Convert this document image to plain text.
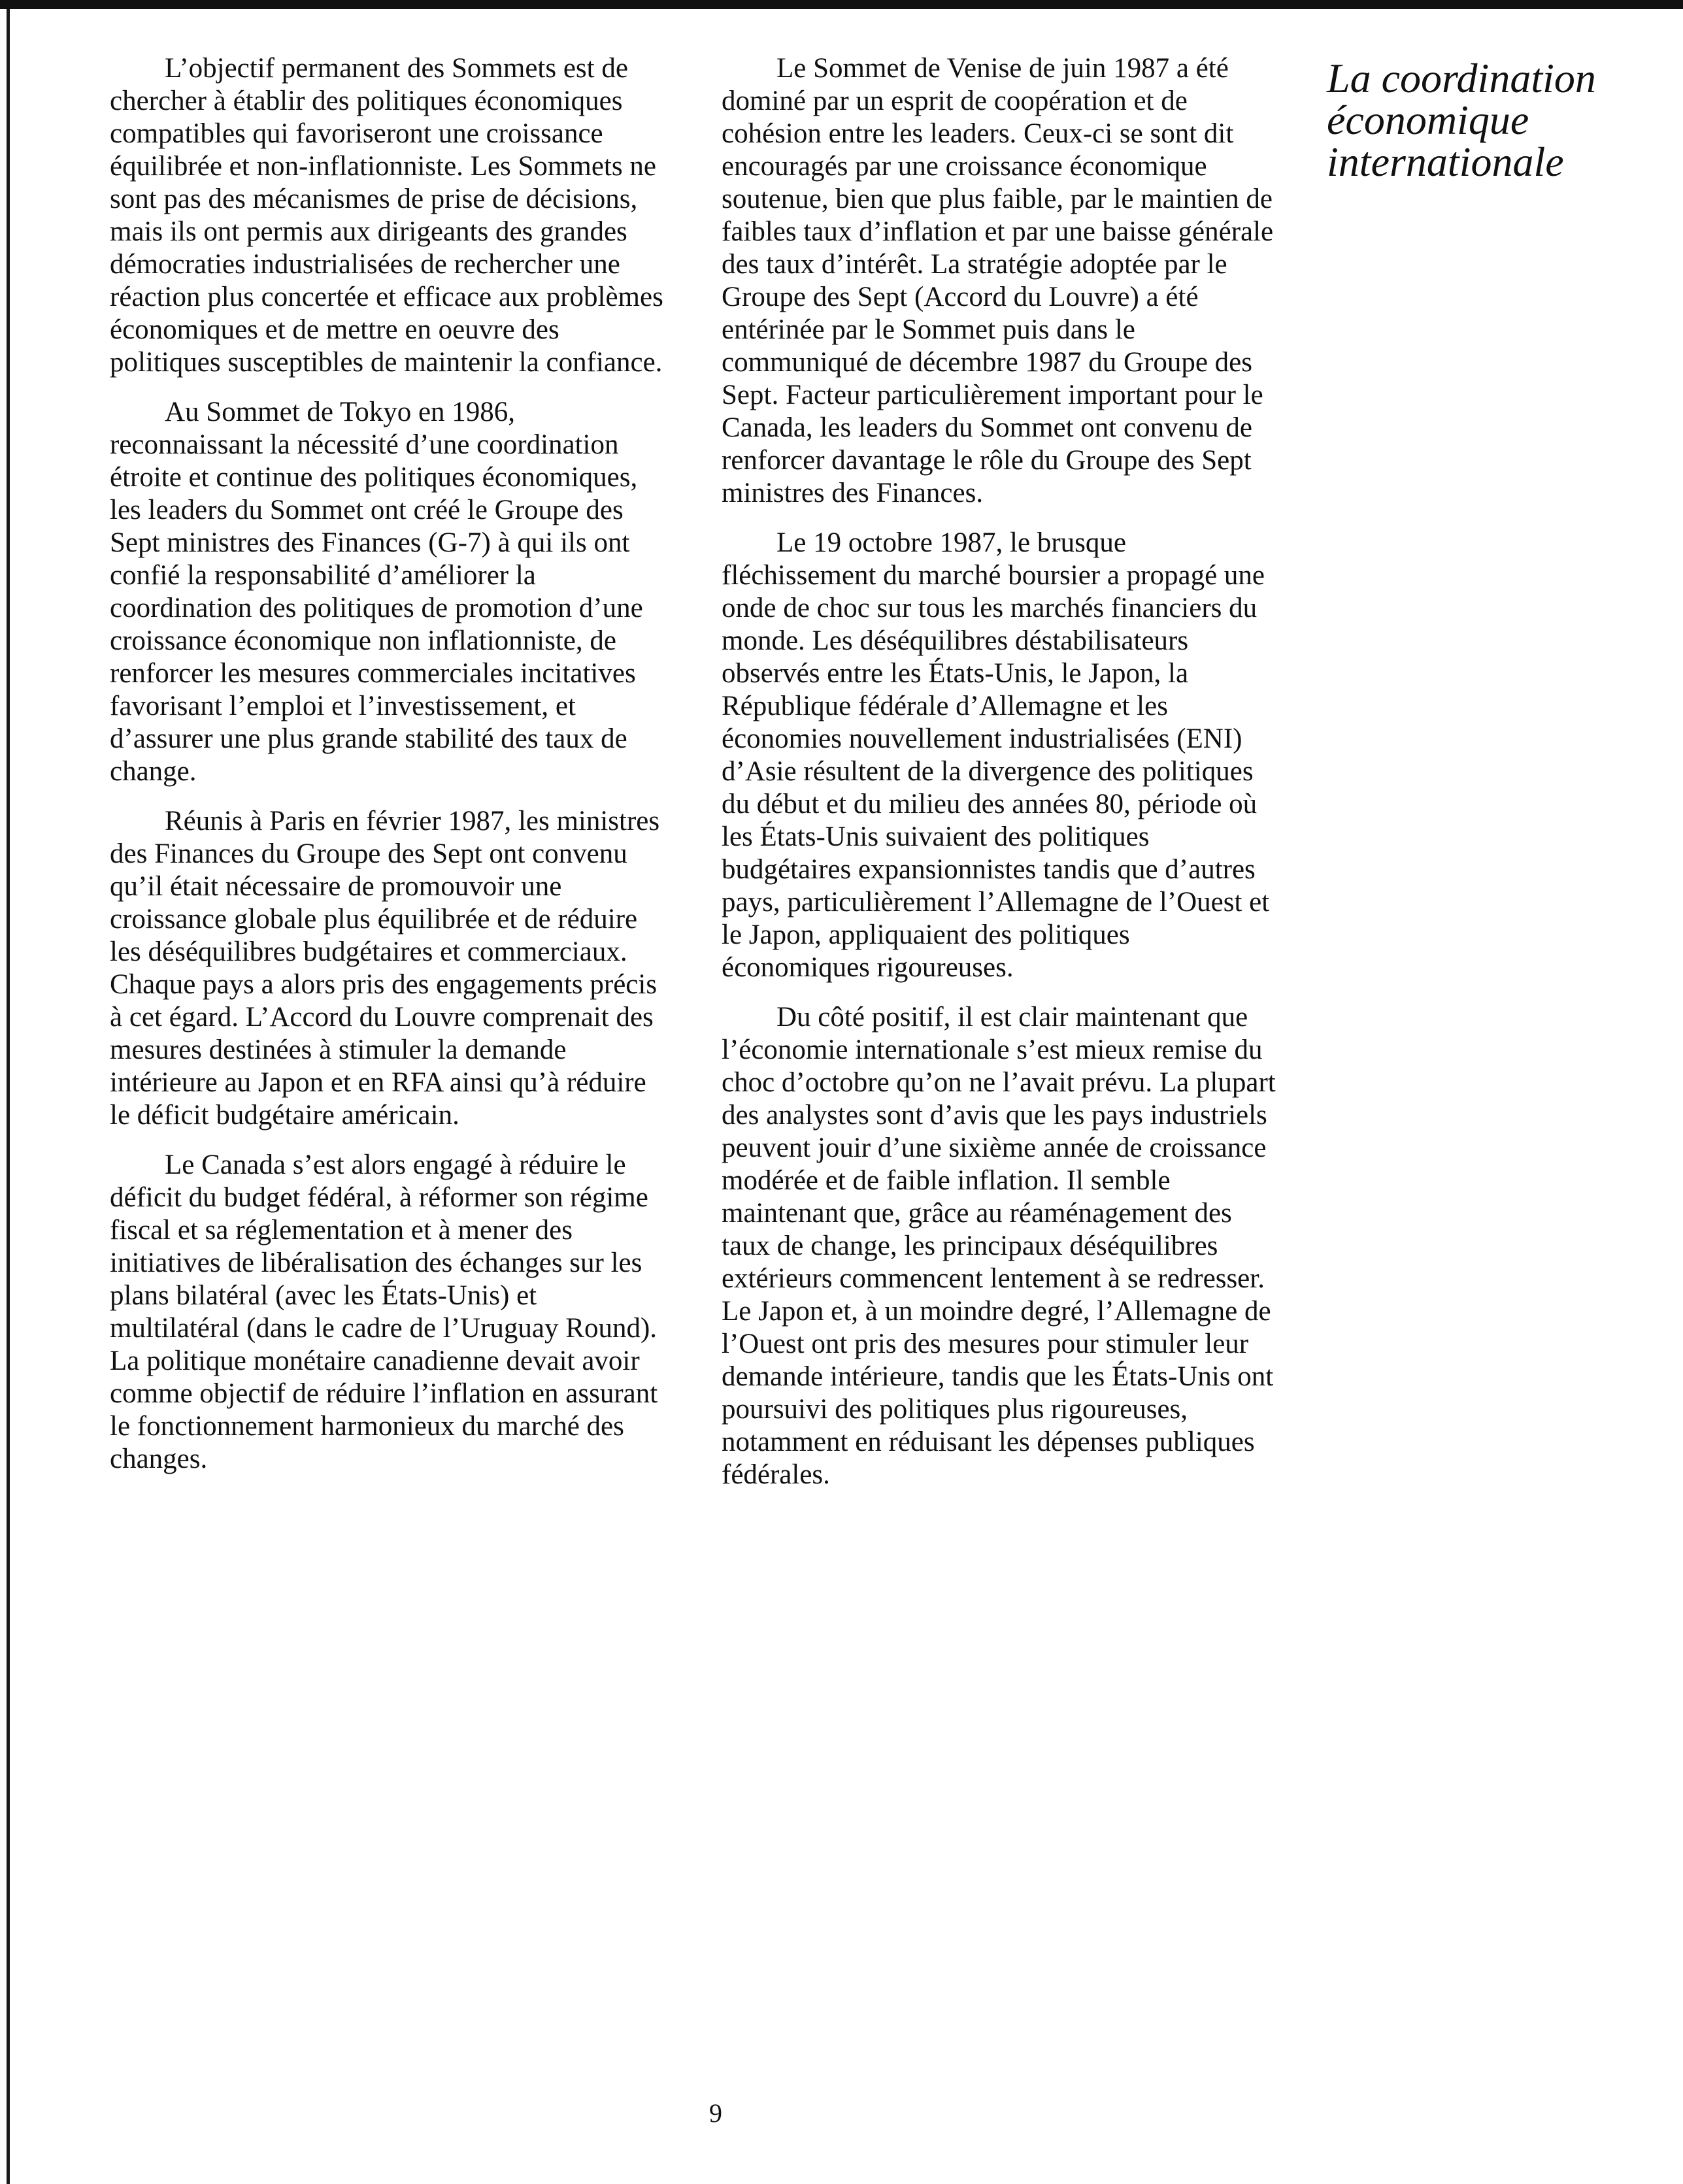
L’objectif permanent des Sommets est de chercher à établir des politiques économiques compatibles qui favoriseront une croissance équilibrée et non-inflationniste. Les Sommets ne sont pas des mécanismes de prise de décisions, mais ils ont permis aux dirigeants des grandes démocraties industrialisées de rechercher une réaction plus concertée et efficace aux problèmes économiques et de mettre en oeuvre des politiques susceptibles de maintenir la confiance.

Au Sommet de Tokyo en 1986, reconnaissant la nécessité d’une coordination étroite et continue des politiques économiques, les leaders du Sommet ont créé le Groupe des Sept ministres des Finances (G-7) à qui ils ont confié la responsabilité d’améliorer la coordination des politiques de promotion d’une croissance économique non inflationniste, de renforcer les mesures commerciales incitatives favorisant l’emploi et l’investissement, et d’assurer une plus grande stabilité des taux de change.

Réunis à Paris en février 1987, les ministres des Finances du Groupe des Sept ont convenu qu’il était nécessaire de promouvoir une croissance globale plus équilibrée et de réduire les déséquilibres budgétaires et commerciaux. Chaque pays a alors pris des engagements précis à cet égard. L’Accord du Louvre comprenait des mesures destinées à stimuler la demande intérieure au Japon et en RFA ainsi qu’à réduire le déficit budgétaire américain.

Le Canada s’est alors engagé à réduire le déficit du budget fédéral, à réformer son régime fiscal et sa réglementation et à mener des initiatives de libéralisation des échanges sur les plans bilatéral (avec les États-Unis) et multilatéral (dans le cadre de l’Uruguay Round). La politique monétaire canadienne devait avoir comme objectif de réduire l’inflation en assurant le fonctionnement harmonieux du marché des changes.

Le Sommet de Venise de juin 1987 a été dominé par un esprit de coopération et de cohésion entre les leaders. Ceux-ci se sont dit encouragés par une croissance économique soutenue, bien que plus faible, par le maintien de faibles taux d’inflation et par une baisse générale des taux d’intérêt. La stratégie adoptée par le Groupe des Sept (Accord du Louvre) a été entérinée par le Sommet puis dans le communiqué de décembre 1987 du Groupe des Sept. Facteur particulièrement important pour le Canada, les leaders du Sommet ont convenu de renforcer davantage le rôle du Groupe des Sept ministres des Finances.

Le 19 octobre 1987, le brusque fléchissement du marché boursier a propagé une onde de choc sur tous les marchés financiers du monde. Les déséquilibres déstabilisateurs observés entre les États-Unis, le Japon, la République fédérale d’Allemagne et les économies nouvellement industrialisées (ENI) d’Asie résultent de la divergence des politiques du début et du milieu des années 80, période où les États-Unis suivaient des politiques budgétaires expansionnistes tandis que d’autres pays, particulièrement l’Allemagne de l’Ouest et le Japon, appliquaient des politiques économiques rigoureuses.

Du côté positif, il est clair maintenant que l’économie internationale s’est mieux remise du choc d’octobre qu’on ne l’avait prévu. La plupart des analystes sont d’avis que les pays industriels peuvent jouir d’une sixième année de croissance modérée et de faible inflation. Il semble maintenant que, grâce au réaménagement des taux de change, les principaux déséquilibres extérieurs commencent lentement à se redresser. Le Japon et, à un moindre degré, l’Allemagne de l’Ouest ont pris des mesures pour stimuler leur demande intérieure, tandis que les États-Unis ont poursuivi des politiques plus rigoureuses, notamment en réduisant les dépenses publiques fédérales.

La coordination
économique
internationale
9
